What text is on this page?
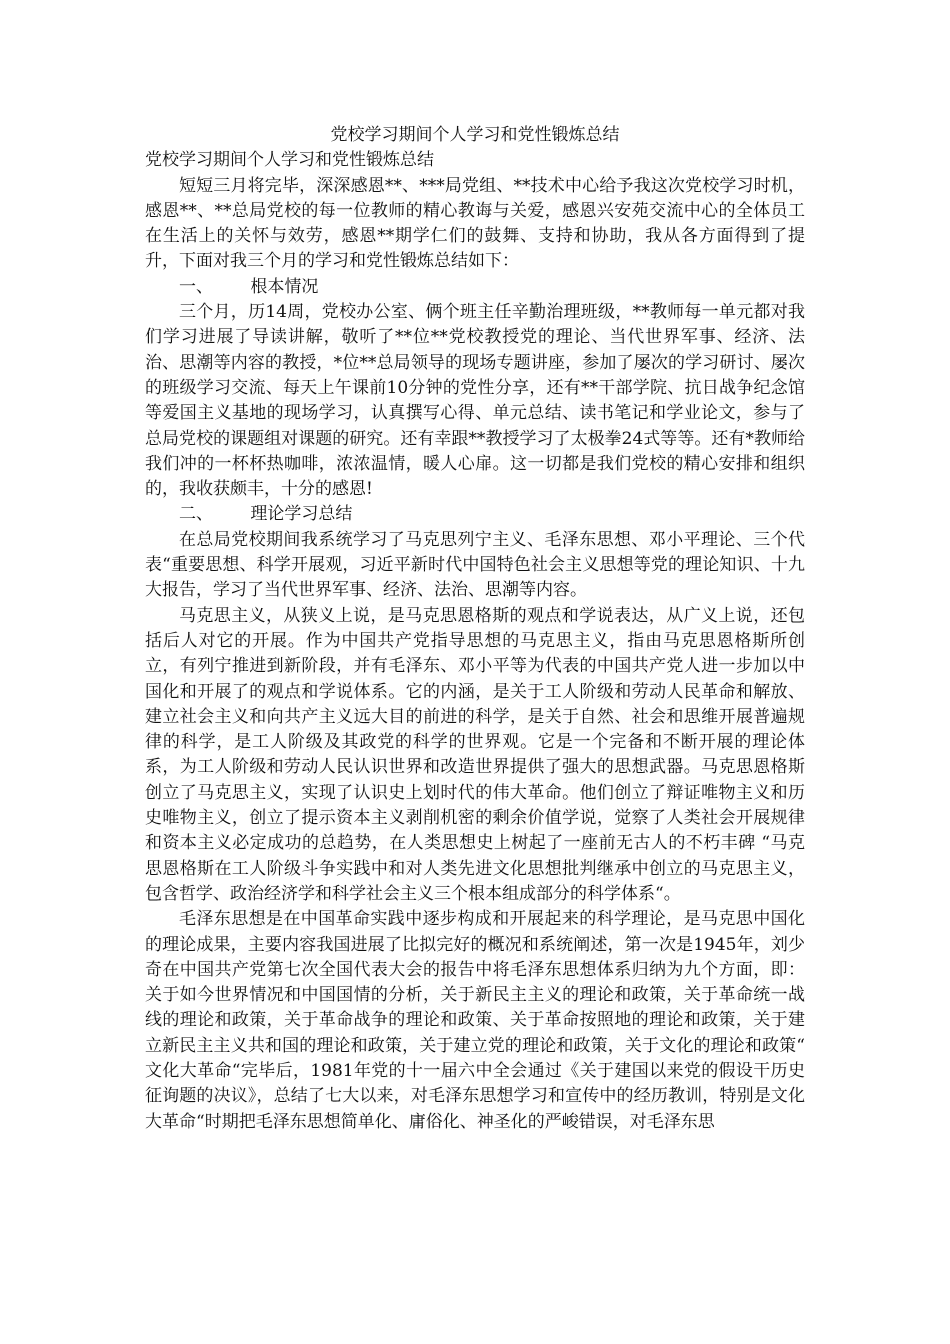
党校学习期间个人学习和党性锻炼总结

党校学习期间个人学习和党性锻炼总结

短短三月将完毕，深深感恩**、***局党组、**技术中心给予我这次党校学习时机，感恩**、**总局党校的每一位教师的精心教诲与关爱，感恩兴安苑交流中心的全体员工在生活上的关怀与效劳，感恩**期学仁们的鼓舞、支持和协助，我从各方面得到了提升，下面对我三个月的学习和党性锻炼总结如下：

一、 根本情况

三个月，历14周，党校办公室、俩个班主任辛勤治理班级，**教师每一单元都对我们学习进展了导读讲解，敬听了**位**党校教授党的理论、当代世界军事、经济、法治、思潮等内容的教授，*位**总局领导的现场专题讲座，参加了屡次的学习研讨、屡次的班级学习交流、每天上午课前10分钟的党性分享，还有**干部学院、抗日战争纪念馆等爱国主义基地的现场学习，认真撰写心得、单元总结、读书笔记和学业论文，参与了总局党校的课题组对课题的研究。还有幸跟**教授学习了太极拳24式等等。还有*教师给我们冲的一杯杯热咖啡，浓浓温情，暖人心扉。这一切都是我们党校的精心安排和组织的，我收获颇丰，十分的感恩!

二、 理论学习总结

在总局党校期间我系统学习了马克思列宁主义、毛泽东思想、邓小平理论、三个代表“重要思想、科学开展观，习近平新时代中国特色社会主义思想等党的理论知识、十九大报告，学习了当代世界军事、经济、法治、思潮等内容。

马克思主义，从狭义上说，是马克思恩格斯的观点和学说表达，从广义上说，还包括后人对它的开展。作为中国共产党指导思想的马克思主义，指由马克思恩格斯所创立，有列宁推进到新阶段，并有毛泽东、邓小平等为代表的中国共产党人进一步加以中国化和开展了的观点和学说体系。它的内涵，是关于工人阶级和劳动人民革命和解放、建立社会主义和向共产主义远大目的前进的科学，是关于自然、社会和思维开展普遍规律的科学，是工人阶级及其政党的科学的世界观。它是一个完备和不断开展的理论体系，为工人阶级和劳动人民认识世界和改造世界提供了强大的思想武器。马克思恩格斯创立了马克思主义，实现了认识史上划时代的伟大革命。他们创立了辩证唯物主义和历史唯物主义，创立了提示资本主义剥削机密的剩余价值学说，觉察了人类社会开展规律和资本主义必定成功的总趋势，在人类思想史上树起了一座前无古人的不朽丰碑 “马克思恩格斯在工人阶级斗争实践中和对人类先进文化思想批判继承中创立的马克思主义，包含哲学、政治经济学和科学社会主义三个根本组成部分的科学体系“。

毛泽东思想是在中国革命实践中逐步构成和开展起来的科学理论，是马克思中国化的理论成果，主要内容我国进展了比拟完好的概况和系统阐述，第一次是1945年，刘少奇在中国共产党第七次全国代表大会的报告中将毛泽东思想体系归纳为九个方面，即：关于如今世界情况和中国国情的分析，关于新民主主义的理论和政策，关于革命统一战线的理论和政策，关于革命战争的理论和政策、关于革命按照地的理论和政策，关于建立新民主主义共和国的理论和政策，关于建立党的理论和政策，关于文化的理论和政策“ 文化大革命“完毕后，1981年党的十一届六中全会通过《关于建国以来党的假设干历史征询题的决议》，总结了七大以来，对毛泽东思想学习和宣传中的经历教训，特别是文化大革命“时期把毛泽东思想简单化、庸俗化、神圣化的严峻错误，对毛泽东思
